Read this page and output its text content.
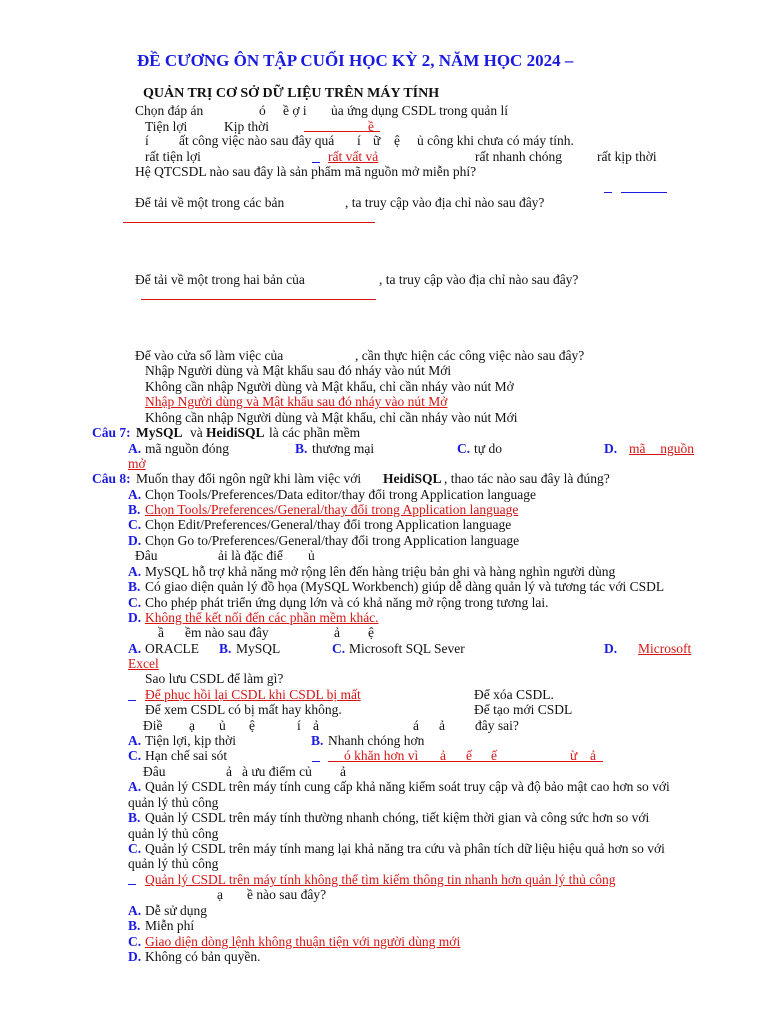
ĐỀ CƯƠNG ÔN TẬP CUỐI HỌC KỲ 2, NĂM HỌC 2024 –
QUẢN TRỊ CƠ SỞ DỮ LIỆU TRÊN MÁY TÍNH
Chọn đáp án	ó ề ợ i ủa ứng dụng CSDL trong quản lí
Tiện lợi	Kịp thời	ề
í ất công việc nào sau đây quá í ữ ệ ủ công khi chưa có máy tính.
rất tiện lợi	rất vất vả	rất nhanh chóng	rất kịp thời
Hệ QTCSDL nào sau đây là sản phẩm mã nguồn mở miễn phí?
Để tải về một trong các bản	, ta truy cập vào địa chỉ nào sau đây?
Để tải về một trong hai bản của	, ta truy cập vào địa chỉ nào sau đây?
Để vào cửa sổ làm việc của	, cần thực hiện các công việc nào sau đây?
Nhập Người dùng và Mật khẩu sau đó nháy vào nút Mới
Không cần nhập Người dùng và Mật khẩu, chỉ cần nháy vào nút Mở
Nhập Người dùng và Mật khẩu sau đó nháy vào nút Mở
Không cần nhập Người dùng và Mật khẩu, chỉ cần nháy vào nút Mới
Câu 7: MySQL và HeidiSQL là các phần mềm
A. mã nguồn đóng	B. thương mại	C. tự do	D. mã nguồn
mở
Câu 8: Muốn thay đổi ngôn ngữ khi làm việc với HeidiSQL , thao tác nào sau đây là đúng?
A. Chọn Tools/Preferences/Data editor/thay đổi trong Application language
B. Chọn Tools/Preferences/General/thay đổi trong Application language
C. Chọn Edit/Preferences/General/thay đổi trong Application language
D. Chọn Go to/Preferences/General/thay đổi trong Application language
Đâu	ải là đặc điể ủ
A. MySQL hỗ trợ khả năng mở rộng lên đến hàng triệu bản ghi và hàng nghìn người dùng
B. Có giao diện quản lý đồ họa (MySQL Workbench) giúp dễ dàng quản lý và tương tác với CSDL
C. Cho phép phát triển ứng dụng lớn và có khả năng mở rộng trong tương lai.
D. Không thể kết nối đến các phần mềm khác.
ầ ềm nào sau đây	ả ệ
A. ORACLE B. MySQL	C. Microsoft SQL Sever	D. Microsoft
Excel
Sao lưu CSDL để làm gì?
Để phục hồi lại CSDL khi CSDL bị mất	Để xóa CSDL.
Để xem CSDL có bị mất hay không.	Để tạo mới CSDL
Điề ạ ủ ệ	í ả	á ả đây sai?
A. Tiện lợi, kịp thời	B. Nhanh chóng hơn
C. Hạn chế sai sót	ó khăn hơn vì ả ế ế	ừ ả
Đâu	ả à ưu điểm củ ả
A. Quản lý CSDL trên máy tính cung cấp khả năng kiểm soát truy cập và độ bảo mật cao hơn so với
quản lý thủ công
B. Quản lý CSDL trên máy tính thường nhanh chóng, tiết kiệm thời gian và công sức hơn so với
quản lý thủ công
C. Quản lý CSDL trên máy tính mang lại khả năng tra cứu và phân tích dữ liệu hiệu quả hơn so với
quản lý thủ công
Quản lý CSDL trên máy tính không thể tìm kiếm thông tin nhanh hơn quản lý thủ công
ạ ề nào sau đây?
A. Dễ sử dụng
B. Miễn phí
C. Giao diện dòng lệnh không thuận tiện với người dùng mới
D. Không có bản quyền.
